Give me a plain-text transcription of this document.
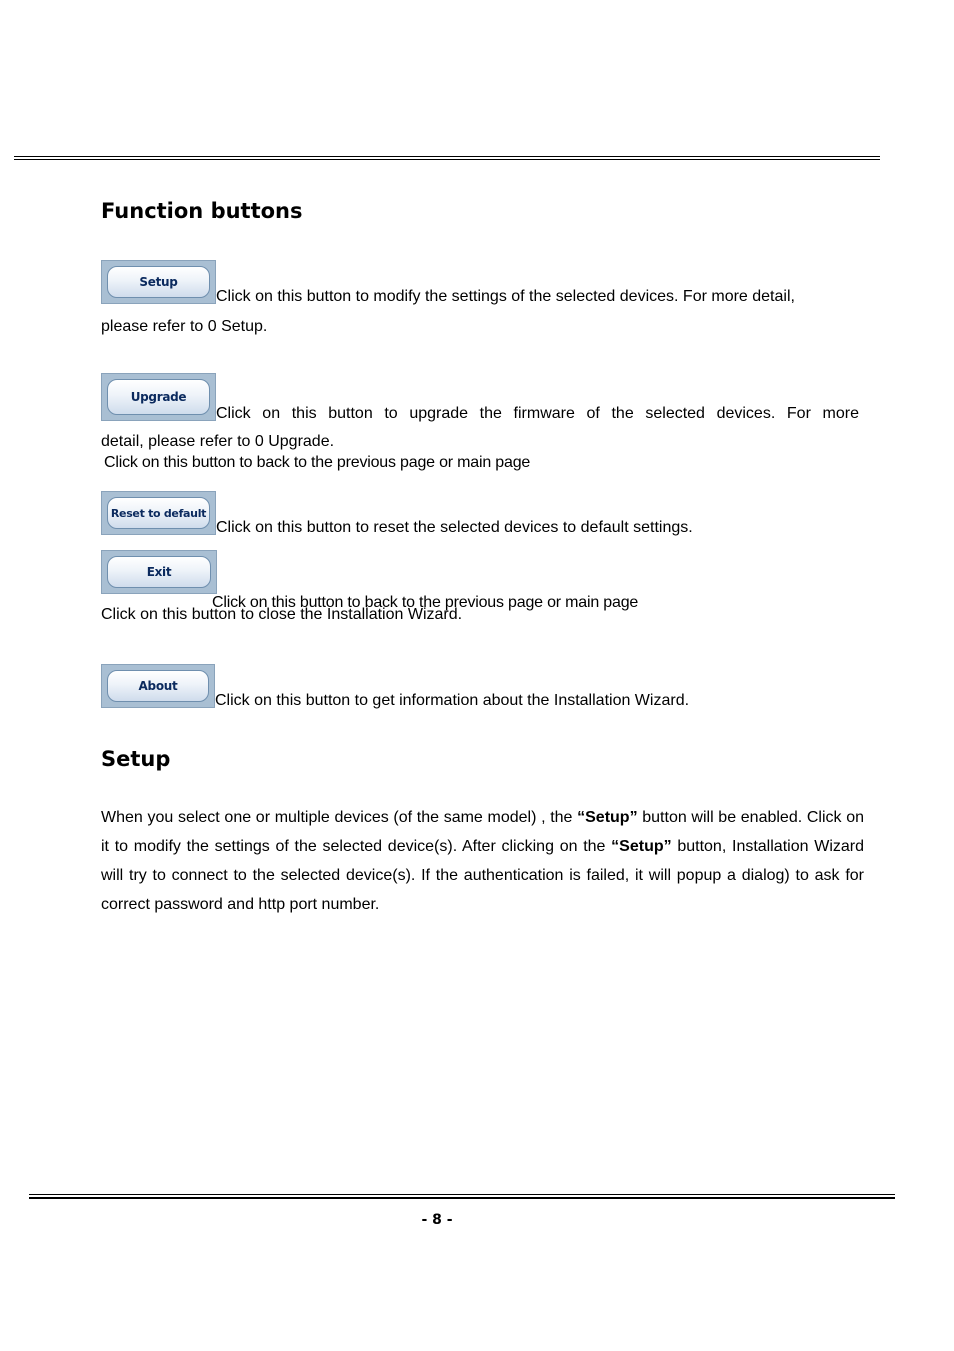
Function buttons
Setup
Click on this button to modify the settings of the selected devices. For more detail,
please refer to 0 Setup.
Upgrade
Click on this button to upgrade the firmware of the selected devices. For more
detail, please refer to 0 Upgrade.
Click on this button to back to the previous page or main page
Reset to default
Click on this button to reset the selected devices to default settings.
Exit
Click on this button to close the Installation Wizard.
Click on this button to back to the previous page or main page
About
Click on this button to get information about the Installation Wizard.
Setup

When you select one or multiple devices (of the same model) , the “Setup” button will be enabled. Click on it to modify the settings of the selected device(s). After clicking on the “Setup” button, Installation Wizard will try to connect to the selected device(s). If the authentication is failed, it will popup a dialog) to ask for correct password and http port number.

- 8 -
